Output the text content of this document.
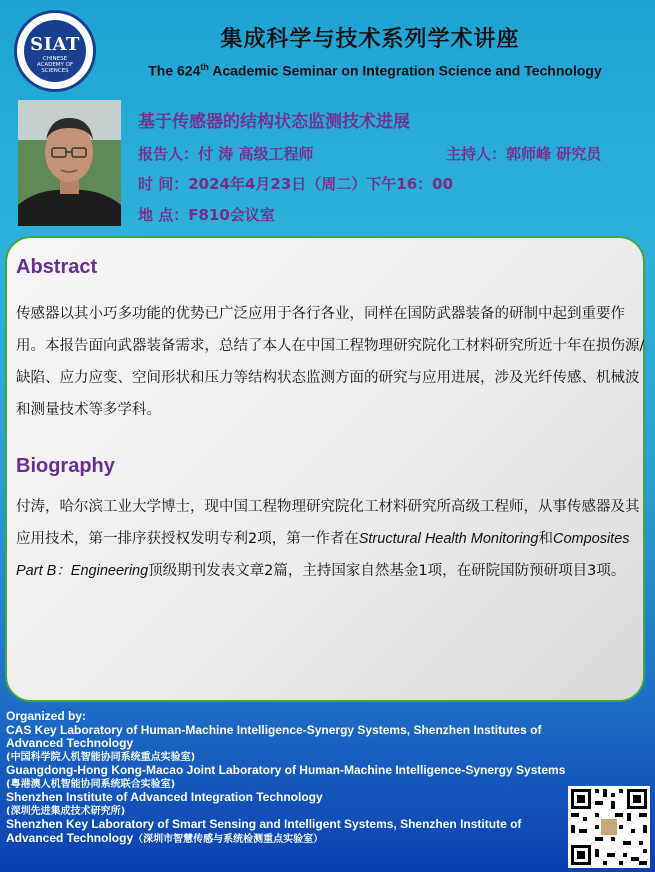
SIAT
CHINESE
ACADEMY OF
SCIENCES
集成科学与技术系列学术讲座
The 624th Academic Seminar on Integration Science and Technology
基于传感器的结构状态监测技术进展
报告人：付 涛 高级工程师	主持人：郭师峰 研究员
时 间：2024年4月23日（周二）下午16：00
地 点：F810会议室
Abstract
传感器以其小巧多功能的优势已广泛应用于各行各业，同样在国防武器装备的研制中起到重要作用。本报告面向武器装备需求，总结了本人在中国工程物理研究院化工材料研究所近十年在损伤源/缺陷、应力应变、空间形状和压力等结构状态监测方面的研究与应用进展，涉及光纤传感、机械波和测量技术等多学科。
Biography
付涛，哈尔滨工业大学博士，现中国工程物理研究院化工材料研究所高级工程师，从事传感器及其应用技术，第一排序获授权发明专利2项，第一作者在Structural Health Monitoring和Composites Part B：Engineering顶级期刊发表文章2篇，主持国家自然基金1项，在研院国防预研项目3项。
Organized by:
CAS Key Laboratory of Human-Machine Intelligence-Synergy Systems, Shenzhen Institutes of Advanced Technology
(中国科学院人机智能协同系统重点实验室)
Guangdong-Hong Kong-Macao Joint Laboratory of Human-Machine Intelligence-Synergy Systems
(粤港澳人机智能协同系统联合实验室)
Shenzhen Institute of Advanced Integration Technology
(深圳先进集成技术研究所)
Shenzhen Key Laboratory of Smart Sensing and Intelligent Systems, Shenzhen Institute of Advanced Technology（深圳市智慧传感与系统检测重点实验室）
